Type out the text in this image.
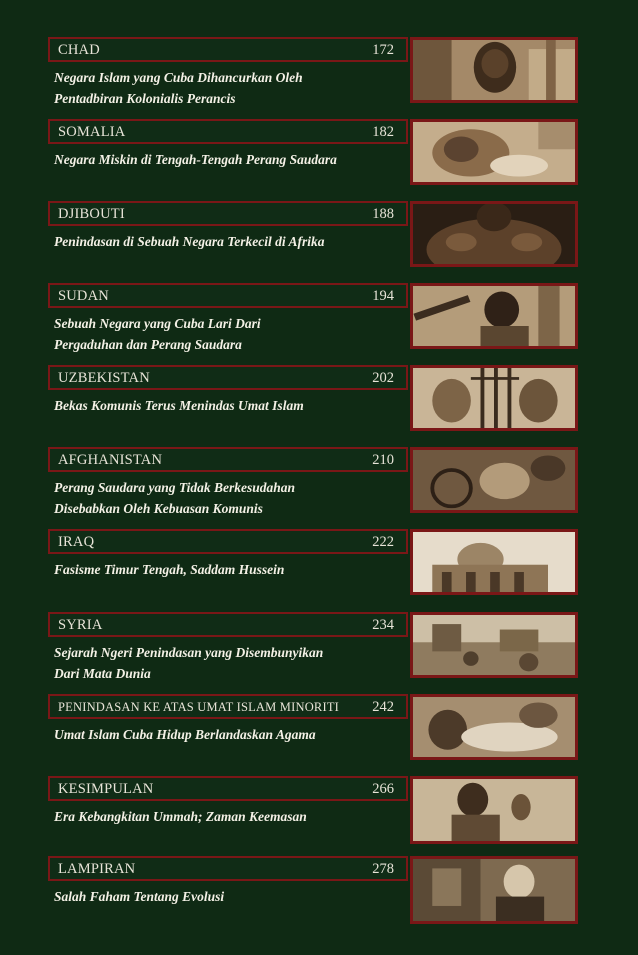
CHAD	172
Negara Islam yang Cuba Dihancurkan Oleh
Pentadbiran Kolonialis Perancis
SOMALIA	182
Negara Miskin di Tengah-Tengah Perang Saudara
DJIBOUTI	188
Penindasan di Sebuah Negara Terkecil di Afrika
SUDAN	194
Sebuah Negara yang Cuba Lari Dari
Pergaduhan dan Perang Saudara
UZBEKISTAN	202
Bekas Komunis Terus Menindas Umat Islam
AFGHANISTAN	210
Perang Saudara yang Tidak Berkesudahan
Disebabkan Oleh Kebuasan Komunis
IRAQ	222
Fasisme Timur Tengah, Saddam Hussein
SYRIA	234
Sejarah Ngeri Penindasan yang Disembunyikan
Dari Mata Dunia
PENINDASAN KE ATAS UMAT ISLAM MINORITI 242
Umat Islam Cuba Hidup Berlandaskan Agama
KESIMPULAN	266
Era Kebangkitan Ummah; Zaman Keemasan
LAMPIRAN	278
Salah Faham Tentang Evolusi
